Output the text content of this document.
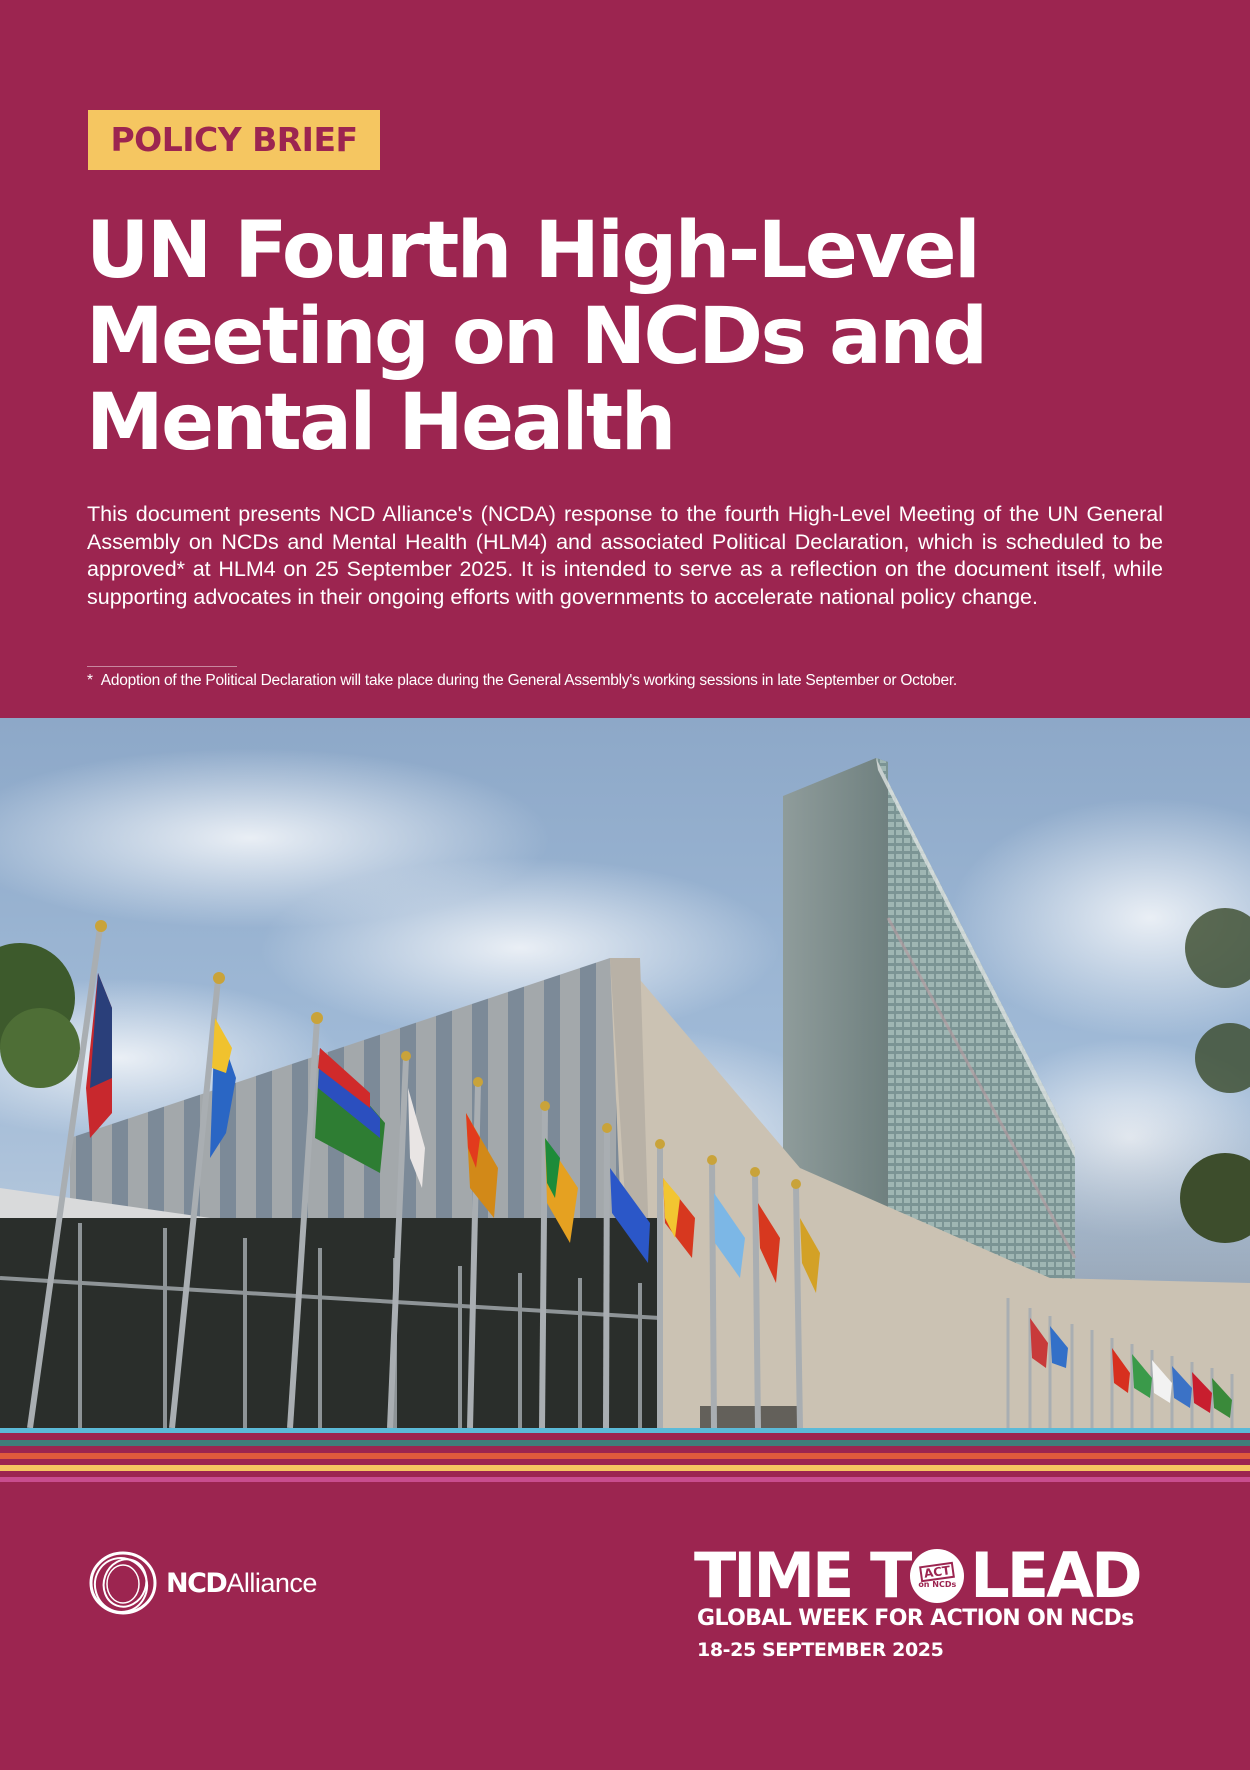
POLICY BRIEF
UN Fourth High-Level
Meeting on NCDs and
Mental Health

This document presents NCD Alliance's (NCDA) response to the fourth High-Level Meeting of the UN General Assembly on NCDs and Mental Health (HLM4) and associated Political Declaration, which is scheduled to be approved* at HLM4 on 25 September 2025. It is intended to serve as a reflection on the document itself, while supporting advocates in their ongoing efforts with governments to accelerate national policy change.

* Adoption of the Political Declaration will take place during the General Assembly's working sessions in late September or October.

NCDAlliance	TIME T	ACT
on NCDs LEAD
GLOBAL WEEK FOR ACTION ON NCDs
18-25 SEPTEMBER 2025
